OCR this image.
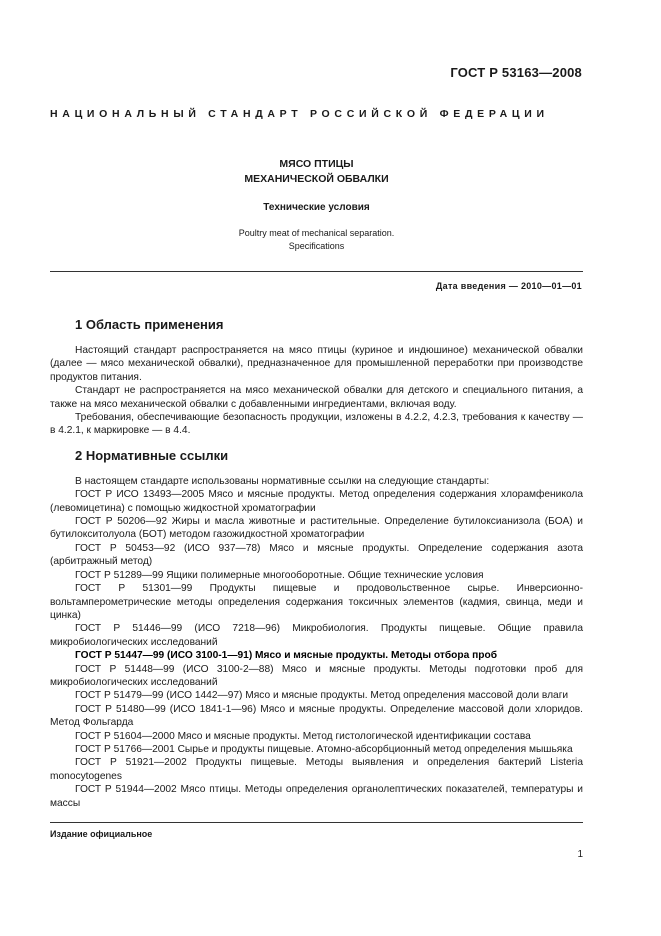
ГОСТ Р 53163—2008
НАЦИОНАЛЬНЫЙ СТАНДАРТ РОССИЙСКОЙ ФЕДЕРАЦИИ
МЯСО ПТИЦЫ
МЕХАНИЧЕСКОЙ ОБВАЛКИ
Технические условия
Poultry meat of mechanical separation.
Specifications
Дата введения — 2010—01—01
1 Область применения

Настоящий стандарт распространяется на мясо птицы (куриное и индюшиное) механической обвалки (далее — мясо механической обвалки), предназначенное для промышленной переработки при производстве продуктов питания.

Стандарт не распространяется на мясо механической обвалки для детского и специального питания, а также на мясо механической обвалки с добавленными ингредиентами, включая воду.

Требования, обеспечивающие безопасность продукции, изложены в 4.2.2, 4.2.3, требования к качеству — в 4.2.1, к маркировке — в 4.4.

2 Нормативные ссылки

В настоящем стандарте использованы нормативные ссылки на следующие стандарты:

ГОСТ Р ИСО 13493—2005 Мясо и мясные продукты. Метод определения содержания хлорамфеникола (левомицетина) с помощью жидкостной хроматографии

ГОСТ Р 50206—92 Жиры и масла животные и растительные. Определение бутилоксианизола (БОА) и бутилокситолуола (БОТ) методом газожидкостной хроматографии

ГОСТ Р 50453—92 (ИСО 937—78) Мясо и мясные продукты. Определение содержания азота (арбитражный метод)

ГОСТ Р 51289—99 Ящики полимерные многооборотные. Общие технические условия

ГОСТ Р 51301—99 Продукты пищевые и продовольственное сырье. Инверсионно-вольтамперометрические методы определения содержания токсичных элементов (кадмия, свинца, меди и цинка)

ГОСТ Р 51446—99 (ИСО 7218—96) Микробиология. Продукты пищевые. Общие правила микробиологических исследований

ГОСТ Р 51447—99 (ИСО 3100-1—91) Мясо и мясные продукты. Методы отбора проб

ГОСТ Р 51448—99 (ИСО 3100-2—88) Мясо и мясные продукты. Методы подготовки проб для микробиологических исследований

ГОСТ Р 51479—99 (ИСО 1442—97) Мясо и мясные продукты. Метод определения массовой доли влаги

ГОСТ Р 51480—99 (ИСО 1841-1—96) Мясо и мясные продукты. Определение массовой доли хлоридов. Метод Фольгарда

ГОСТ Р 51604—2000 Мясо и мясные продукты. Метод гистологической идентификации состава

ГОСТ Р 51766—2001 Сырье и продукты пищевые. Атомно-абсорбционный метод определения мышьяка

ГОСТ Р 51921—2002 Продукты пищевые. Методы выявления и определения бактерий Listeria monocytogenes

ГОСТ Р 51944—2002 Мясо птицы. Методы определения органолептических показателей, температуры и массы

Издание официальное
1
